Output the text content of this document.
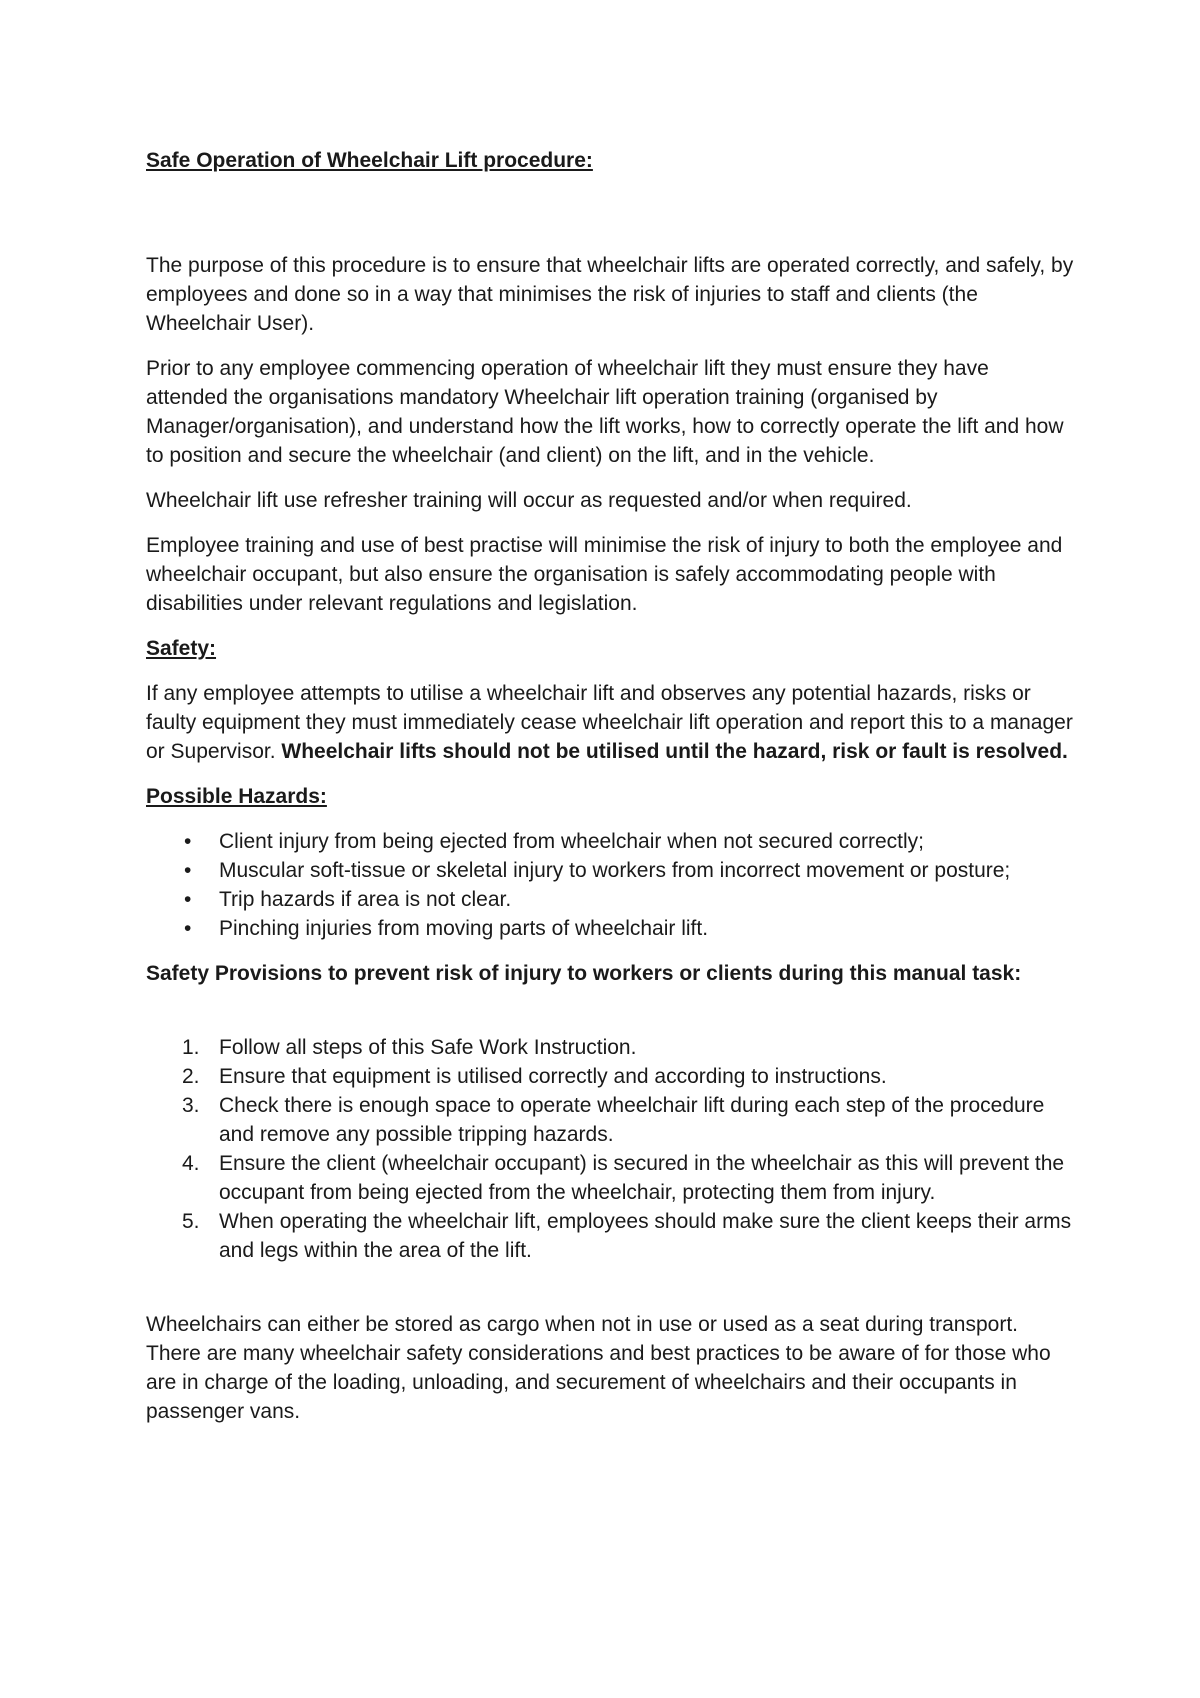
Safe Operation of Wheelchair Lift procedure:

The purpose of this procedure is to ensure that wheelchair lifts are operated correctly, and safely, by employees and done so in a way that minimises the risk of injuries to staff and clients (the Wheelchair User).

Prior to any employee commencing operation of wheelchair lift they must ensure they have attended the organisations mandatory Wheelchair lift operation training (organised by Manager/organisation), and understand how the lift works, how to correctly operate the lift and how to position and secure the wheelchair (and client) on the lift, and in the vehicle.

Wheelchair lift use refresher training will occur as requested and/or when required.

Employee training and use of best practise will minimise the risk of injury to both the employee and wheelchair occupant, but also ensure the organisation is safely accommodating people with disabilities under relevant regulations and legislation.

Safety:

If any employee attempts to utilise a wheelchair lift and observes any potential hazards, risks or faulty equipment they must immediately cease wheelchair lift operation and report this to a manager or Supervisor. Wheelchair lifts should not be utilised until the hazard, risk or fault is resolved.

Possible Hazards:
• Client injury from being ejected from wheelchair when not secured correctly;
• Muscular soft-tissue or skeletal injury to workers from incorrect movement or posture;
• Trip hazards if area is not clear.
• Pinching injuries from moving parts of wheelchair lift.
Safety Provisions to prevent risk of injury to workers or clients during this manual task:
1. Follow all steps of this Safe Work Instruction.
2. Ensure that equipment is utilised correctly and according to instructions.
3. Check there is enough space to operate wheelchair lift during each step of the procedure and remove any possible tripping hazards.
4. Ensure the client (wheelchair occupant) is secured in the wheelchair as this will prevent the occupant from being ejected from the wheelchair, protecting them from injury.
5. When operating the wheelchair lift, employees should make sure the client keeps their arms and legs within the area of the lift.

Wheelchairs can either be stored as cargo when not in use or used as a seat during transport. There are many wheelchair safety considerations and best practices to be aware of for those who are in charge of the loading, unloading, and securement of wheelchairs and their occupants in passenger vans.
